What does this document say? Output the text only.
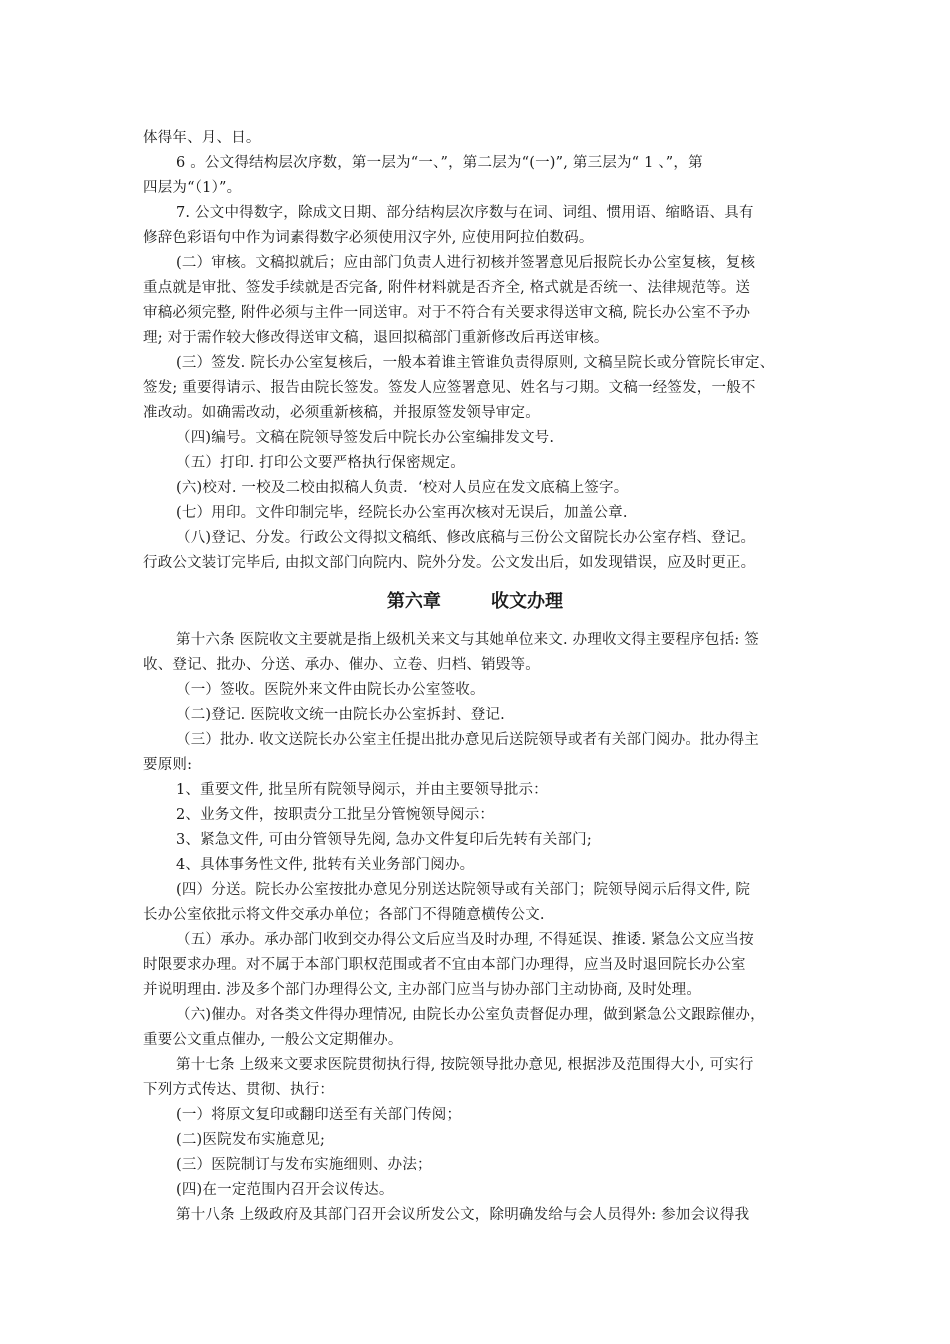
体得年、月、日。
6 。公文得结构层次序数，第一层为“一、”，第二层为“(一)”, 第三层为“ 1 、”，第
四层为“（1）”。
7. 公文中得数字，除成文日期、部分结构层次序数与在词、词组、惯用语、缩略语、具有
修辞色彩语句中作为词素得数字必须使用汉字外, 应使用阿拉伯数码。
(二）审核。文稿拟就后；应由部门负责人进行初核并签署意见后报院长办公室复核，复核
重点就是审批、签发手续就是否完备, 附件材料就是否齐全, 格式就是否统一、法律规范等。送
审稿必须完整, 附件必须与主件一同送审。对于不符合有关要求得送审文稿, 院长办公室不予办
理; 对于需作较大修改得送审文稿，退回拟稿部门重新修改后再送审核。
(三）签发. 院长办公室复核后，一般本着谁主管谁负责得原则, 文稿呈院长或分管院长审定、
签发; 重要得请示、报告由院长签发。签发人应签署意见、姓名与刁期。文稿一经签发，一般不
准改动。如确需改动，必须重新核稿，并报原签发领导审定。
（四)编号。文稿在院领导签发后中院长办公室编排发文号.
（五）打印. 打印公文要严格执行保密规定。
(六)校对. 一校及二校由拟稿人负责．‘校对人员应在发文底稿上签字。
(七）用印。文件印制完毕，经院长办公室再次核对无误后，加盖公章.
（八)登记、分发。行政公文得拟文稿纸、修改底稿与三份公文留院长办公室存档、登记。
行政公文装订完毕后, 由拟文部门向院内、院外分发。公文发出后，如发现错误，应及时更正。
第六章        收文办理
第十六条 医院收文主要就是指上级机关来文与其她单位来文. 办理收文得主要程序包括: 签
收、登记、批办、分送、承办、催办、立卷、归档、销毁等。
（一）签收。医院外来文件由院长办公室签收。
（二)登记. 医院收文统一由院长办公室拆封、登记.
（三）批办. 收文送院长办公室主任提出批办意见后送院领导或者有关部门阅办。批办得主
要原则:
1、重要文件, 批呈所有院领导阅示，并由主要领导批示：
2、业务文件，按职责分工批呈分管惋领导阅示：
3、紧急文件, 可由分管领导先阅, 急办文件复印后先转有关部门;
4、具体事务性文件, 批转有关业务部门阅办。
(四）分送。院长办公室按批办意见分别送达院领导或有关部门；院领导阅示后得文件, 院
长办公室依批示将文件交承办单位；各部门不得随意横传公文.
（五）承办。承办部门收到交办得公文后应当及时办理, 不得延误、推诿. 紧急公文应当按
时限要求办理。对不属于本部门职权范围或者不宜由本部门办理得，应当及时退回院长办公室
并说明理由. 涉及多个部门办理得公文, 主办部门应当与协办部门主动协商, 及时处理。
（六)催办。对各类文件得办理情况, 由院长办公室负责督促办理，做到紧急公文跟踪催办，
重要公文重点催办, 一般公文定期催办。
第十七条 上级来文要求医院贯彻执行得, 按院领导批办意见, 根据涉及范围得大小, 可实行
下列方式传达、贯彻、执行：
(一）将原文复印或翻印送至有关部门传阅；
(二)医院发布实施意见;
(三）医院制订与发布实施细则、办法；
(四)在一定范围内召开会议传达。
第十八条 上级政府及其部门召开会议所发公文，除明确发给与会人员得外: 参加会议得我
